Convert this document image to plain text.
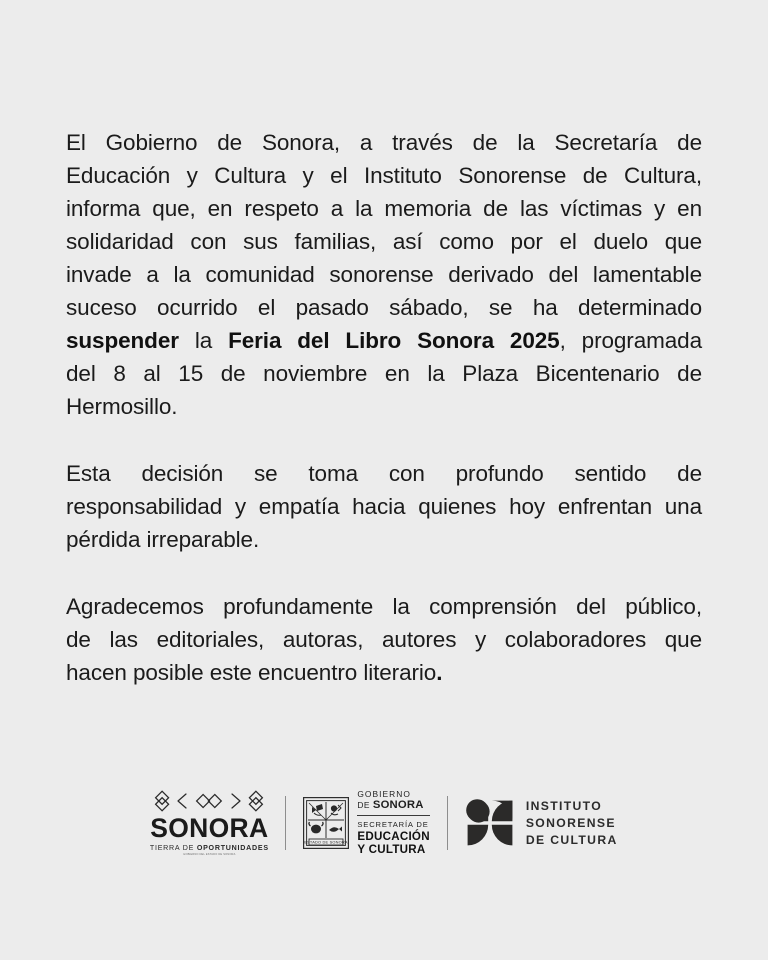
El Gobierno de Sonora, a través de la Secretaría de
Educación y Cultura y el Instituto Sonorense de Cultura,
informa que, en respeto a la memoria de las víctimas y en
solidaridad con sus familias, así como por el duelo que
invade a la comunidad sonorense derivado del lamentable
suceso ocurrido el pasado sábado, se ha determinado
suspender la Feria del Libro Sonora 2025, programada
del 8 al 15 de noviembre en la Plaza Bicentenario de
Hermosillo.

Esta decisión se toma con profundo sentido de
responsabilidad y empatía hacia quienes hoy enfrentan una
pérdida irreparable.

Agradecemos profundamente la comprensión del público,
de las editoriales, autoras, autores y colaboradores que
hacen posible este encuentro literario.

SONORA
TIERRA DE OPORTUNIDADES
GOBIERNO DEL ESTADO DE SONORA
ESTADO DE SONORA
GOBIERNO
DE SONORA
SECRETARÍA DE
EDUCACIÓN
Y CULTURA
INSTITUTO
SONORENSE
DE CULTURA
